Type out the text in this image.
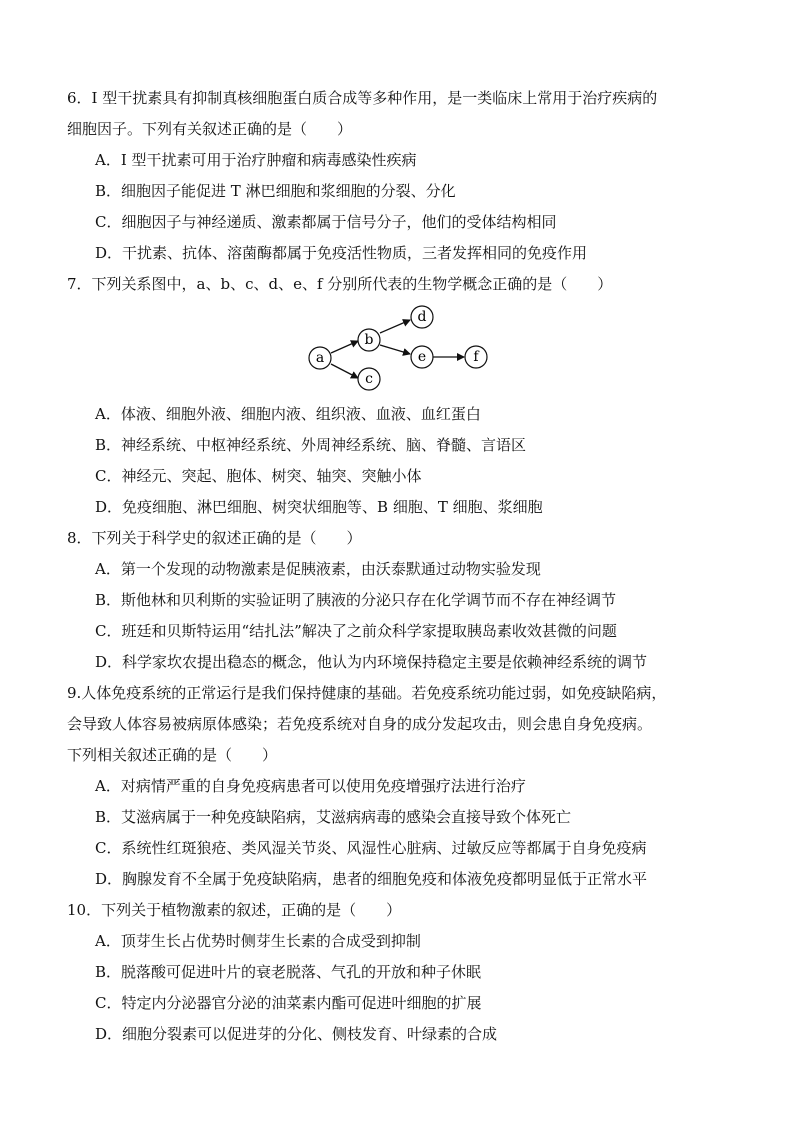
6．I 型干扰素具有抑制真核细胞蛋白质合成等多种作用，是一类临床上常用于治疗疾病的
细胞因子。下列有关叙述正确的是（　　）
A．I 型干扰素可用于治疗肿瘤和病毒感染性疾病
B．细胞因子能促进 T 淋巴细胞和浆细胞的分裂、分化
C．细胞因子与神经递质、激素都属于信号分子，他们的受体结构相同
D．干扰素、抗体、溶菌酶都属于免疫活性物质，三者发挥相同的免疫作用
7．下列关系图中，a、b、c、d、e、f 分别所代表的生物学概念正确的是（　　）
a
b
c
d
e	f
A．体液、细胞外液、细胞内液、组织液、血液、血红蛋白
B．神经系统、中枢神经系统、外周神经系统、脑、脊髓、言语区
C．神经元、突起、胞体、树突、轴突、突触小体
D．免疫细胞、淋巴细胞、树突状细胞等、B 细胞、T 细胞、浆细胞
8．下列关于科学史的叙述正确的是（　　）
A．第一个发现的动物激素是促胰液素，由沃泰默通过动物实验发现
B．斯他林和贝利斯的实验证明了胰液的分泌只存在化学调节而不存在神经调节
C．班廷和贝斯特运用“结扎法”解决了之前众科学家提取胰岛素收效甚微的问题
D．科学家坎农提出稳态的概念，他认为内环境保持稳定主要是依赖神经系统的调节
9.人体免疫系统的正常运行是我们保持健康的基础。若免疫系统功能过弱，如免疫缺陷病，
会导致人体容易被病原体感染；若免疫系统对自身的成分发起攻击，则会患自身免疫病。
下列相关叙述正确的是（　　）
A．对病情严重的自身免疫病患者可以使用免疫增强疗法进行治疗
B．艾滋病属于一种免疫缺陷病，艾滋病病毒的感染会直接导致个体死亡
C．系统性红斑狼疮、类风湿关节炎、风湿性心脏病、过敏反应等都属于自身免疫病
D．胸腺发育不全属于免疫缺陷病，患者的细胞免疫和体液免疫都明显低于正常水平
10．下列关于植物激素的叙述，正确的是（　　）
A．顶芽生长占优势时侧芽生长素的合成受到抑制
B．脱落酸可促进叶片的衰老脱落、气孔的开放和种子休眠
C．特定内分泌器官分泌的油菜素内酯可促进叶细胞的扩展
D．细胞分裂素可以促进芽的分化、侧枝发育、叶绿素的合成
